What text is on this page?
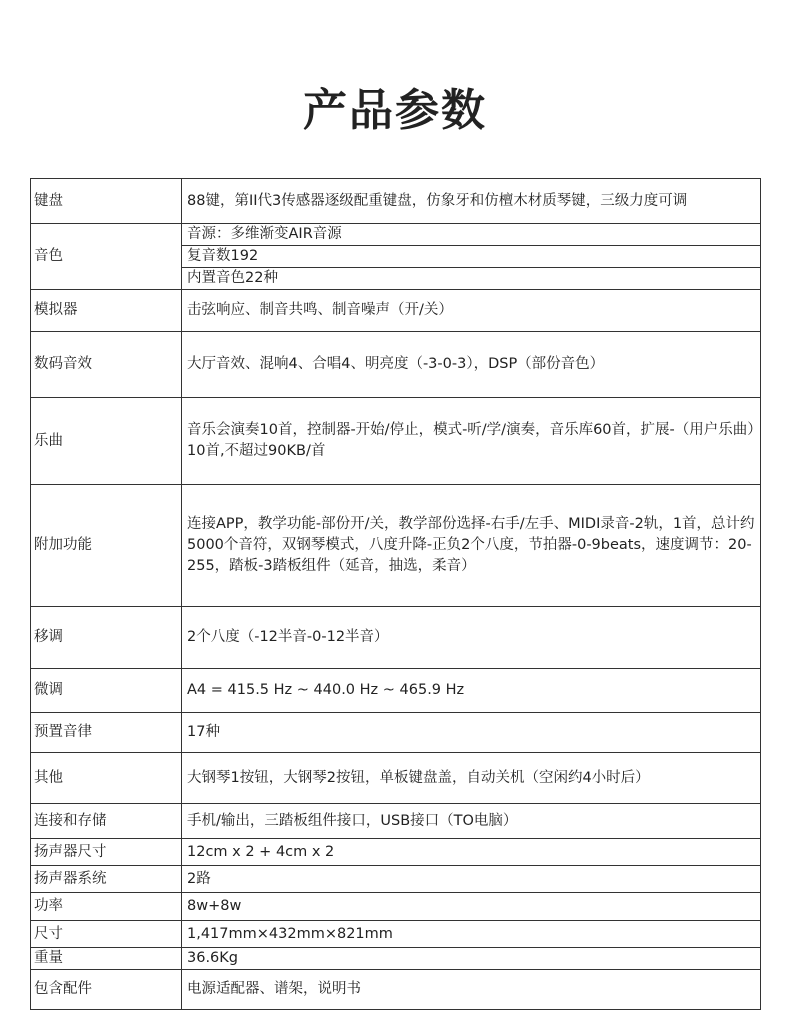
产品参数
键盘	88键，第II代3传感器逐级配重键盘，仿象牙和仿檀木材质琴键，三级力度可调
音色	音源：多维渐变AIR音源
	复音数192
	内置音色22种
模拟器	击弦响应、制音共鸣、制音噪声（开/关）
数码音效	大厅音效、混响4、合唱4、明亮度（-3-0-3），DSP（部份音色）
乐曲	音乐会演奏10首，控制器-开始/停止，模式-听/学/演奏，音乐库60首，扩展-（用户乐曲）10首,不超过90KB/首
附加功能	连接APP，教学功能-部份开/关，教学部份选择-右手/左手、MIDI录音-2轨，1首，总计约5000个音符，双钢琴模式，八度升降-正负2个八度，节拍器-0-9beats，速度调节：20-255，踏板-3踏板组件（延音，抽选，柔音）
移调	2个八度（-12半音-0-12半音）
微调	A4 = 415.5 Hz ~ 440.0 Hz ~ 465.9 Hz
预置音律	17种
其他	大钢琴1按钮，大钢琴2按钮，单板键盘盖，自动关机（空闲约4小时后）
连接和存储	手机/输出，三踏板组件接口，USB接口（TO电脑）
扬声器尺寸	12cm x 2 + 4cm x 2
扬声器系统	2路
功率	8w+8w
尺寸	1,417mm×432mm×821mm
重量	36.6Kg
包含配件	电源适配器、谱架，说明书
